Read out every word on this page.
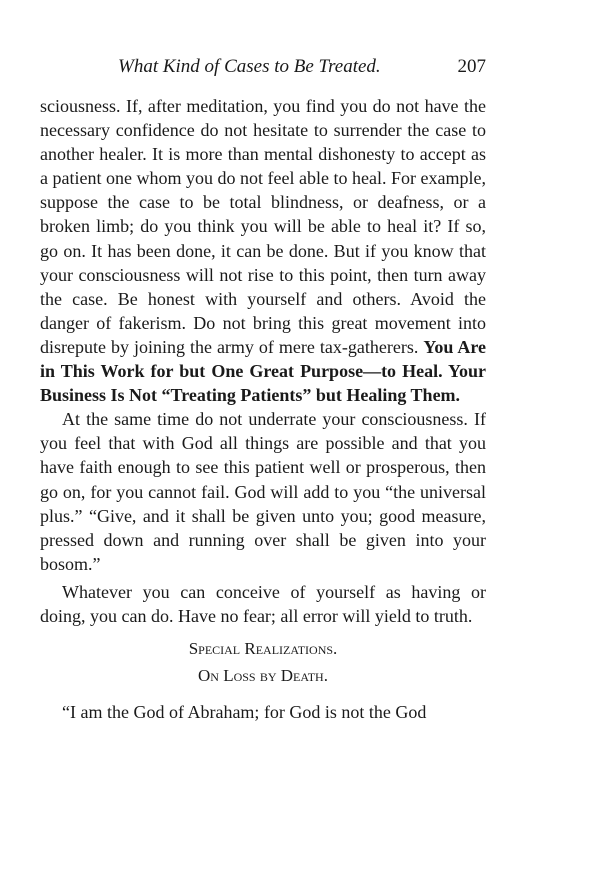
What Kind of Cases to Be Treated.	207

sciousness. If, after meditation, you find you do not have the necessary confidence do not hesitate to surrender the case to another healer. It is more than mental dishonesty to accept as a patient one whom you do not feel able to heal. For example, suppose the case to be total blindness, or deafness, or a broken limb; do you think you will be able to heal it? If so, go on. It has been done, it can be done. But if you know that your consciousness will not rise to this point, then turn away the case. Be honest with yourself and others. Avoid the danger of fakerism. Do not bring this great movement into disrepute by joining the army of mere tax-gatherers. You Are in This Work for but One Great Purpose—to Heal. Your Business Is Not “Treating Patients” but Healing Them.

At the same time do not underrate your consciousness. If you feel that with God all things are possible and that you have faith enough to see this patient well or prosperous, then go on, for you cannot fail. God will add to you “the universal plus.” “Give, and it shall be given unto you; good measure, pressed down and running over shall be given into your bosom.”

Whatever you can conceive of yourself as having or doing, you can do. Have no fear; all error will yield to truth.

Special Realizations.

On Loss by Death.

“I am the God of Abraham; for God is not the God
